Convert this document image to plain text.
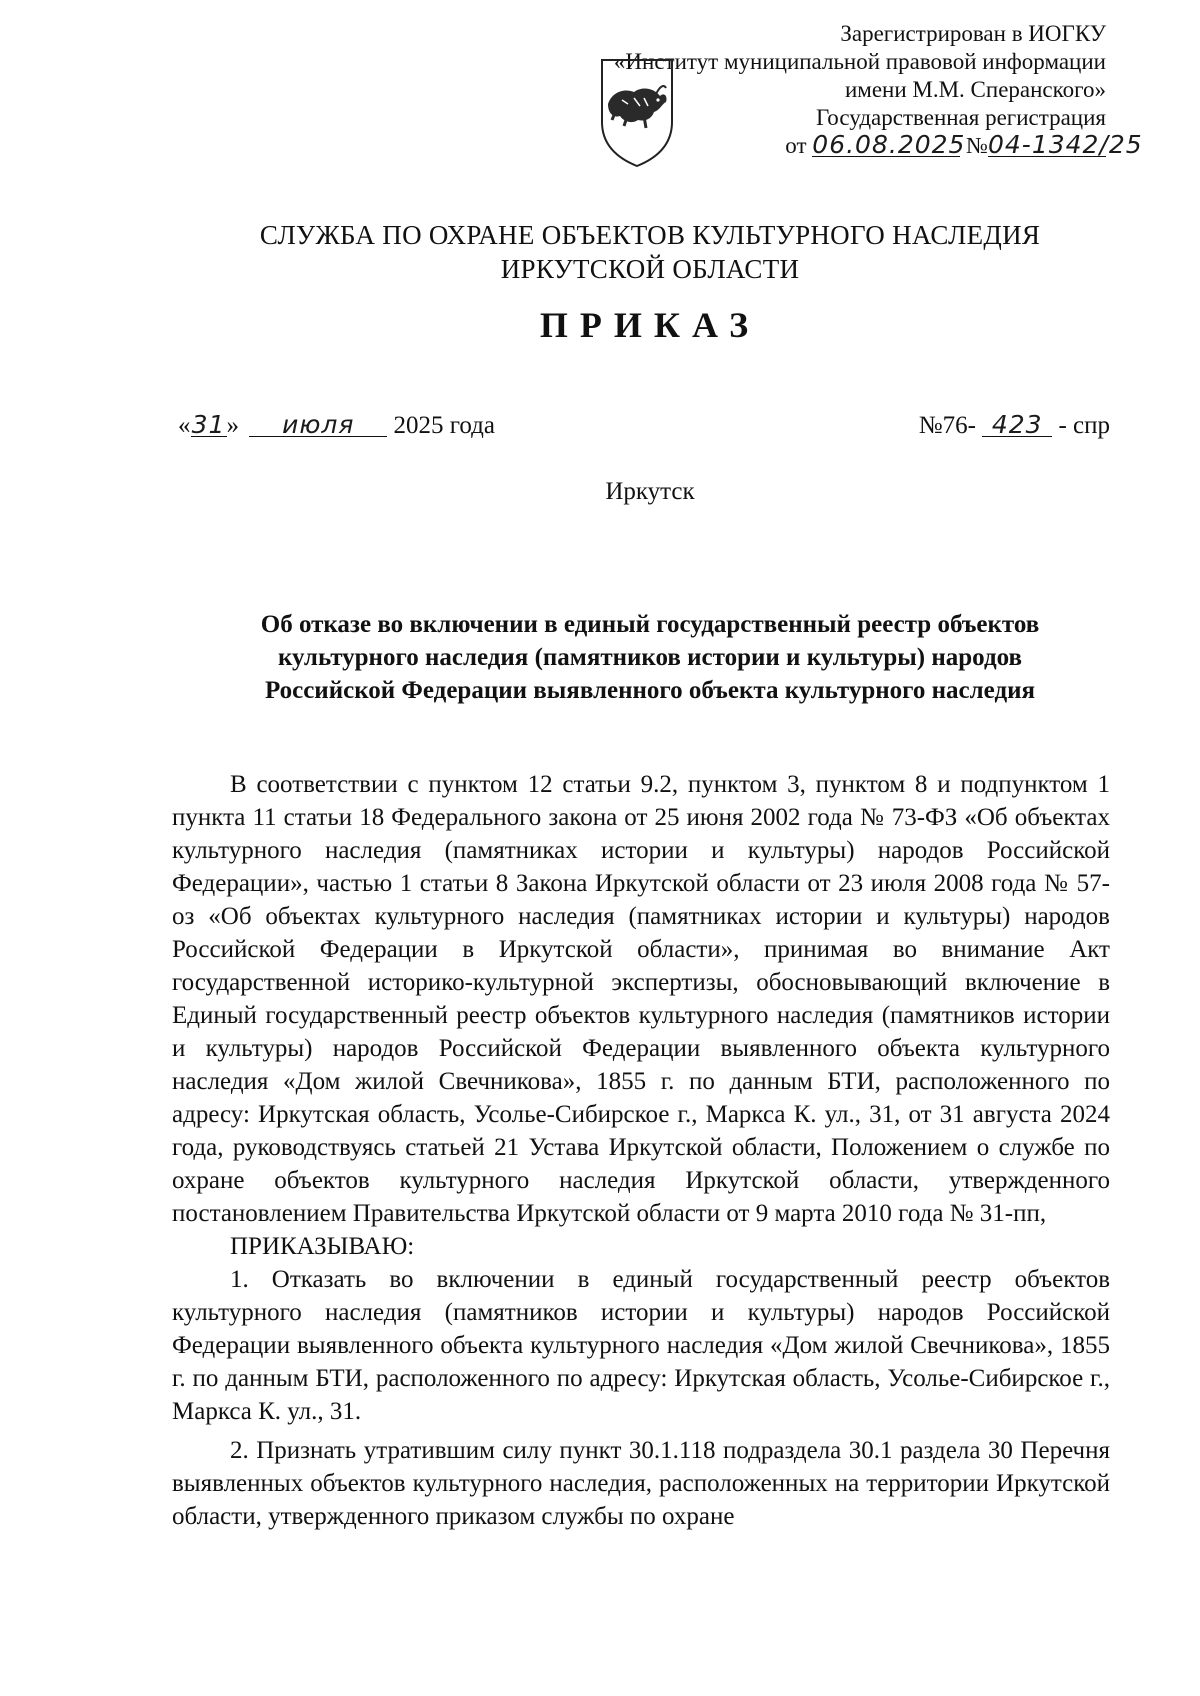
Зарегистрирован в ИОГКУ
«Институт муниципальной правовой информации
имени М.М. Сперанского»
Государственная регистрация
от 06.08.2025 №04-1342/25
СЛУЖБА ПО ОХРАНЕ ОБЪЕКТОВ КУЛЬТУРНОГО НАСЛЕДИЯ
ИРКУТСКОЙ ОБЛАСТИ
ПРИКАЗ
«31» июля 2025 года	№76- 423 - спр
Иркутск
Об отказе во включении в единый государственный реестр объектов
культурного наследия (памятников истории и культуры) народов
Российской Федерации выявленного объекта культурного наследия

В соответствии с пунктом 12 статьи 9.2, пунктом 3, пунктом 8 и подпунктом 1 пункта 11 статьи 18 Федерального закона от 25 июня 2002 года № 73-ФЗ «Об объектах культурного наследия (памятниках истории и культуры) народов Российской Федерации», частью 1 статьи 8 Закона Иркутской области от 23 июля 2008 года № 57-оз «Об объектах культурного наследия (памятниках истории и культуры) народов Российской Федерации в Иркутской области», принимая во внимание Акт государственной историко-культурной экспертизы, обосновывающий включение в Единый государственный реестр объектов культурного наследия (памятников истории и культуры) народов Российской Федерации выявленного объекта культурного наследия «Дом жилой Свечникова», 1855 г. по данным БТИ, расположенного по адресу: Иркутская область, Усолье-Сибирское г., Маркса К. ул., 31, от 31 августа 2024 года, руководствуясь статьей 21 Устава Иркутской области, Положением о службе по охране объектов культурного наследия Иркутской области, утвержденного постановлением Правительства Иркутской области от 9 марта 2010 года № 31-пп,

ПРИКАЗЫВАЮ:

1. Отказать во включении в единый государственный реестр объектов культурного наследия (памятников истории и культуры) народов Российской Федерации выявленного объекта культурного наследия «Дом жилой Свечникова», 1855 г. по данным БТИ, расположенного по адресу: Иркутская область, Усолье-Сибирское г., Маркса К. ул., 31.

2. Признать утратившим силу пункт 30.1.118 подраздела 30.1 раздела 30 Перечня выявленных объектов культурного наследия, расположенных на территории Иркутской области, утвержденного приказом службы по охране
